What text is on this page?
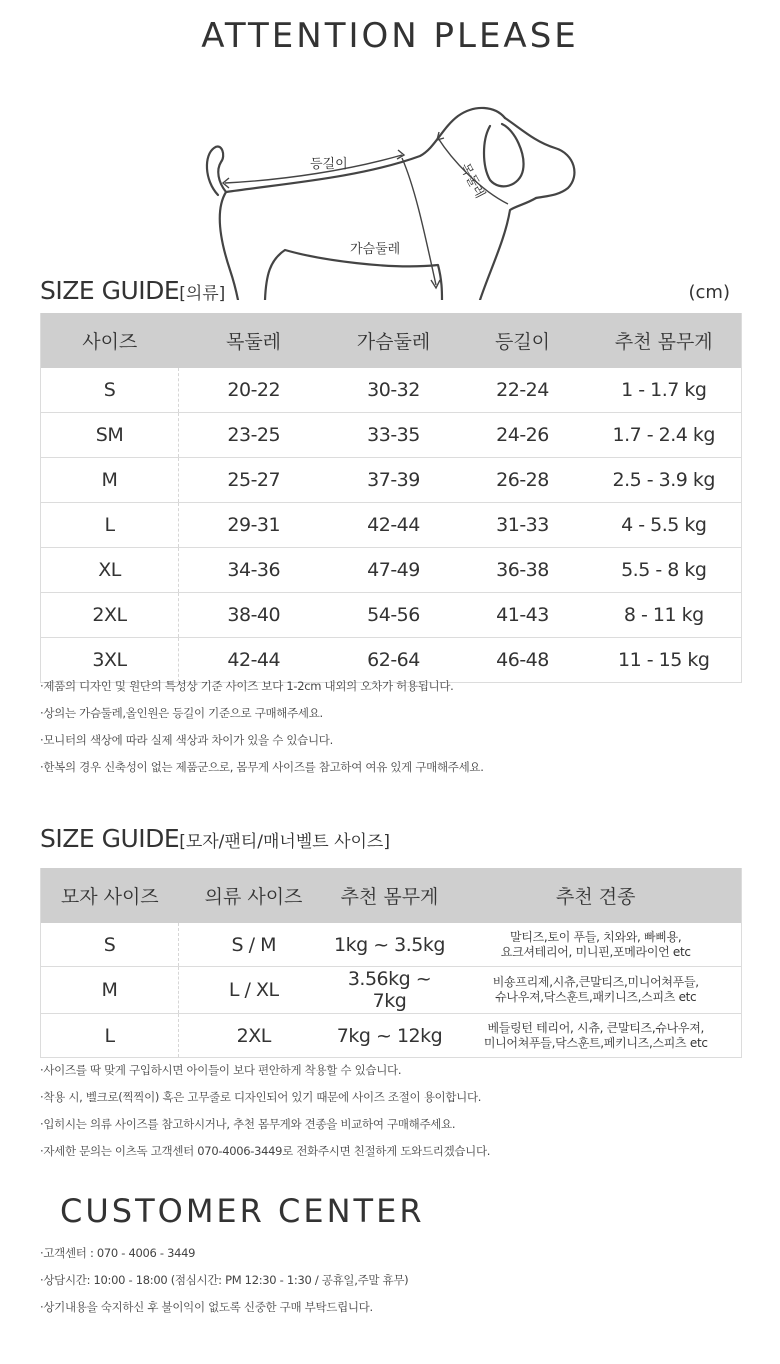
ATTENTION PLEASE
등길이	목둘레
가슴둘레
SIZE GUIDE[의류]	(cm)
사이즈	목둘레	가슴둘레	등길이	추천 몸무게
S	20-22	30-32	22-24	1 - 1.7 kg
SM	23-25	33-35	24-26	1.7 - 2.4 kg
M	25-27	37-39	26-28	2.5 - 3.9 kg
L	29-31	42-44	31-33	4 - 5.5 kg
XL	34-36	47-49	36-38	5.5 - 8 kg
2XL	38-40	54-56	41-43	8 - 11 kg
3XL	42-44	62-64	46-48	11 - 15 kg
·제품의 디자인 및 원단의 특성상 기준 사이즈 보다 1-2cm 내외의 오차가 허용됩니다.
·상의는 가슴둘레,올인원은 등길이 기준으로 구매해주세요.
·모니터의 색상에 따라 실제 색상과 차이가 있을 수 있습니다.
·한복의 경우 신축성이 없는 제품군으로, 몸무게 사이즈를 참고하여 여유 있게 구매해주세요.
SIZE GUIDE[모자/팬티/매너벨트 사이즈]
모자 사이즈	의류 사이즈	추천 몸무게	추천 견종
S	S / M	1kg ~ 3.5kg	말티즈,토이 푸들, 치와와, 빠삐용,
요크셔테리어, 미니핀,포메라이언 etc

M	L / XL	3.56kg ~ 7kg	비숑프리제,시츄,큰말티즈,미니어쳐푸들,
슈나우져,닥스훈트,패키니즈,스피츠 etc

L	2XL	7kg ~ 12kg	베들링턴 테리어, 시츄, 큰말티즈,슈나우져,
미니어쳐푸들,닥스훈트,페키니즈,스피츠 etc
·사이즈를 딱 맞게 구입하시면 아이들이 보다 편안하게 착용할 수 있습니다.
·착용 시, 벨크로(찍찍이) 혹은 고무줄로 디자인되어 있기 때문에 사이즈 조절이 용이합니다.
·입히시는 의류 사이즈를 참고하시거나, 추천 몸무게와 견종을 비교하여 구매해주세요.
·자세한 문의는 이츠독 고객센터 070-4006-3449로 전화주시면 친절하게 도와드리겠습니다.
CUSTOMER CENTER
·고객센터 : 070 - 4006 - 3449
·상담시간: 10:00 - 18:00 (점심시간: PM 12:30 - 1:30 / 공휴일,주말 휴무)
·상기내용을 숙지하신 후 불이익이 없도록 신중한 구매 부탁드립니다.
